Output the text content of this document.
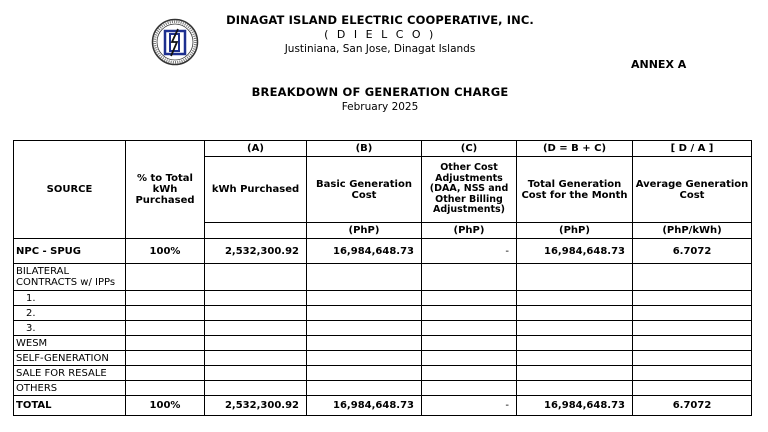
DINAGAT ISLAND ELECTRIC COOPERATIVE, INC.
( D I E L C O )
Justiniana, San Jose, Dinagat Islands
ANNEX A
BREAKDOWN OF GENERATION CHARGE
February 2025
SOURCE	% to Total kWh Purchased	(A)	(B)	(C)	(D = B + C)	[ D / A ]
		kWh Purchased	Basic Generation Cost	Other Cost Adjustments (DAA, NSS and Other Billing Adjustments)	Total Generation Cost for the Month	Average Generation Cost
			(PhP)	(PhP)	(PhP)	(PhP/kWh)
NPC - SPUG	100%	2,532,300.92	16,984,648.73	-	16,984,648.73	6.7072
BILATERAL CONTRACTS w/ IPPs						
1.						
2.						
3.						
WESM						
SELF-GENERATION						
SALE FOR RESALE						
OTHERS						
TOTAL	100%	2,532,300.92	16,984,648.73	-	16,984,648.73	6.7072
